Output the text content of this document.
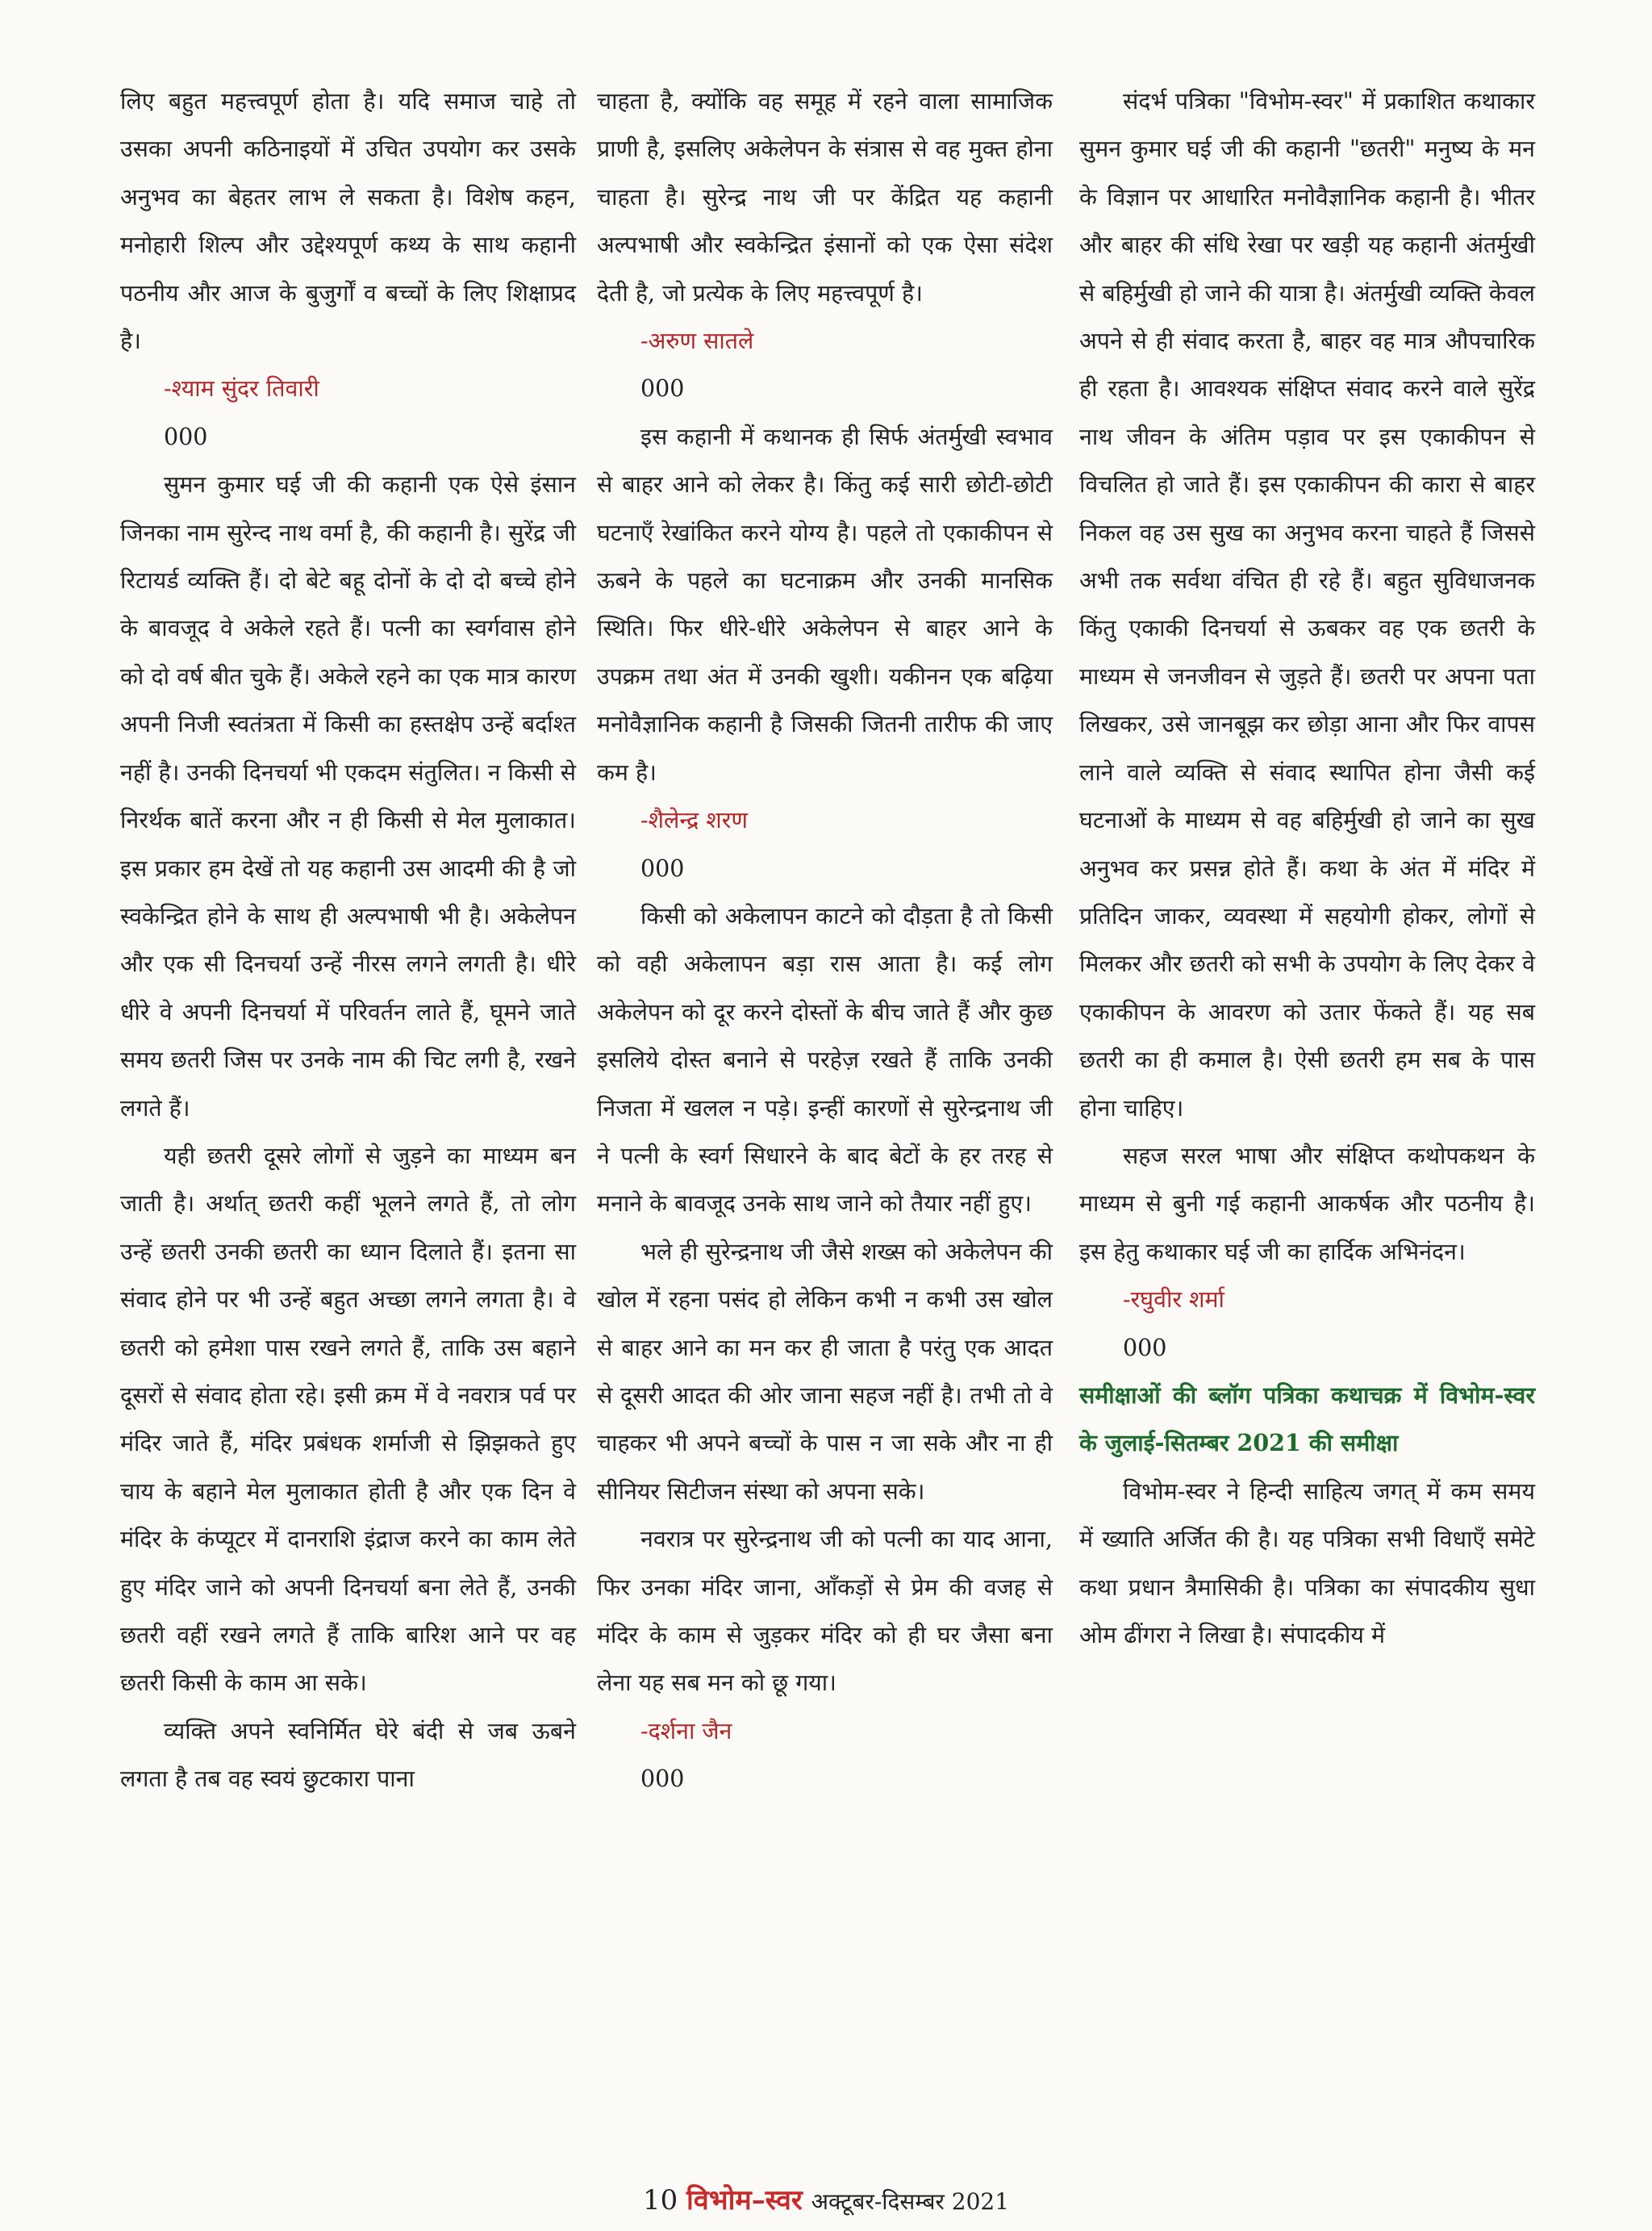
लिए बहुत महत्त्वपूर्ण होता है। यदि समाज चाहे तो उसका अपनी कठिनाइयों में उचित उपयोग कर उसके अनुभव का बेहतर लाभ ले सकता है। विशेष कहन, मनोहारी शिल्प और उद्देश्यपूर्ण कथ्य के साथ कहानी पठनीय और आज के बुजुर्गों व बच्चों के लिए शिक्षाप्रद है।

-श्याम सुंदर तिवारी

000

सुमन कुमार घई जी की कहानी एक ऐसे इंसान जिनका नाम सुरेन्द नाथ वर्मा है, की कहानी है। सुरेंद्र जी रिटायर्ड व्यक्ति हैं। दो बेटे बहू दोनों के दो दो बच्चे होने के बावजूद वे अकेले रहते हैं। पत्नी का स्वर्गवास होने को दो वर्ष बीत चुके हैं। अकेले रहने का एक मात्र कारण अपनी निजी स्वतंत्रता में किसी का हस्तक्षेप उन्हें बर्दाश्त नहीं है। उनकी दिनचर्या भी एकदम संतुलित। न किसी से निरर्थक बातें करना और न ही किसी से मेल मुलाकात। इस प्रकार हम देखें तो यह कहानी उस आदमी की है जो स्वकेन्द्रित होने के साथ ही अल्पभाषी भी है। अकेलेपन और एक सी दिनचर्या उन्हें नीरस लगने लगती है। धीरे धीरे वे अपनी दिनचर्या में परिवर्तन लाते हैं, घूमने जाते समय छतरी जिस पर उनके नाम की चिट लगी है, रखने लगते हैं।

यही छतरी दूसरे लोगों से जुड़ने का माध्यम बन जाती है। अर्थात् छतरी कहीं भूलने लगते हैं, तो लोग उन्हें छतरी उनकी छतरी का ध्यान दिलाते हैं। इतना सा संवाद होने पर भी उन्हें बहुत अच्छा लगने लगता है। वे छतरी को हमेशा पास रखने लगते हैं, ताकि उस बहाने दूसरों से संवाद होता रहे। इसी क्रम में वे नवरात्र पर्व पर मंदिर जाते हैं, मंदिर प्रबंधक शर्माजी से झिझकते हुए चाय के बहाने मेल मुलाकात होती है और एक दिन वे मंदिर के कंप्यूटर में दानराशि इंद्राज करने का काम लेते हुए मंदिर जाने को अपनी दिनचर्या बना लेते हैं, उनकी छतरी वहीं रखने लगते हैं ताकि बारिश आने पर वह छतरी किसी के काम आ सके।

व्यक्ति अपने स्वनिर्मित घेरे बंदी से जब ऊबने लगता है तब वह स्वयं छुटकारा पाना

चाहता है, क्योंकि वह समूह में रहने वाला सामाजिक प्राणी है, इसलिए अकेलेपन के संत्रास से वह मुक्त होना चाहता है। सुरेन्द्र नाथ जी पर केंद्रित यह कहानी अल्पभाषी और स्वकेन्द्रित इंसानों को एक ऐसा संदेश देती है, जो प्रत्येक के लिए महत्त्वपूर्ण है।

-अरुण सातले

000

इस कहानी में कथानक ही सिर्फ अंतर्मुखी स्वभाव से बाहर आने को लेकर है। किंतु कई सारी छोटी-छोटी घटनाएँ रेखांकित करने योग्य है। पहले तो एकाकीपन से ऊबने के पहले का घटनाक्रम और उनकी मानसिक स्थिति। फिर धीरे-धीरे अकेलेपन से बाहर आने के उपक्रम तथा अंत में उनकी खुशी। यकीनन एक बढ़िया मनोवैज्ञानिक कहानी है जिसकी जितनी तारीफ की जाए कम है।

-शैलेन्द्र शरण

000

किसी को अकेलापन काटने को दौड़ता है तो किसी को वही अकेलापन बड़ा रास आता है। कई लोग अकेलेपन को दूर करने दोस्तों के बीच जाते हैं और कुछ इसलिये दोस्त बनाने से परहेज़ रखते हैं ताकि उनकी निजता में खलल न पड़े। इन्हीं कारणों से सुरेन्द्रनाथ जी ने पत्नी के स्वर्ग सिधारने के बाद बेटों के हर तरह से मनाने के बावजूद उनके साथ जाने को तैयार नहीं हुए।

भले ही सुरेन्द्रनाथ जी जैसे शख्स को अकेलेपन की खोल में रहना पसंद हो लेकिन कभी न कभी उस खोल से बाहर आने का मन कर ही जाता है परंतु एक आदत से दूसरी आदत की ओर जाना सहज नहीं है। तभी तो वे चाहकर भी अपने बच्चों के पास न जा सके और ना ही सीनियर सिटीजन संस्था को अपना सके।

नवरात्र पर सुरेन्द्रनाथ जी को पत्नी का याद आना, फिर उनका मंदिर जाना, आँकड़ों से प्रेम की वजह से मंदिर के काम से जुड़कर मंदिर को ही घर जैसा बना लेना यह सब मन को छू गया।

-दर्शना जैन

000

संदर्भ पत्रिका "विभोम-स्वर" में प्रकाशित कथाकार सुमन कुमार घई जी की कहानी "छतरी" मनुष्य के मन के विज्ञान पर आधारित मनोवैज्ञानिक कहानी है। भीतर और बाहर की संधि रेखा पर खड़ी यह कहानी अंतर्मुखी से बहिर्मुखी हो जाने की यात्रा है। अंतर्मुखी व्यक्ति केवल अपने से ही संवाद करता है, बाहर वह मात्र औपचारिक ही रहता है। आवश्यक संक्षिप्त संवाद करने वाले सुरेंद्र नाथ जीवन के अंतिम पड़ाव पर इस एकाकीपन से विचलित हो जाते हैं। इस एकाकीपन की कारा से बाहर निकल वह उस सुख का अनुभव करना चाहते हैं जिससे अभी तक सर्वथा वंचित ही रहे हैं। बहुत सुविधाजनक किंतु एकाकी दिनचर्या से ऊबकर वह एक छतरी के माध्यम से जनजीवन से जुड़ते हैं। छतरी पर अपना पता लिखकर, उसे जानबूझ कर छोड़ा आना और फिर वापस लाने वाले व्यक्ति से संवाद स्थापित होना जैसी कई घटनाओं के माध्यम से वह बहिर्मुखी हो जाने का सुख अनुभव कर प्रसन्न होते हैं। कथा के अंत में मंदिर में प्रतिदिन जाकर, व्यवस्था में सहयोगी होकर, लोगों से मिलकर और छतरी को सभी के उपयोग के लिए देकर वे एकाकीपन के आवरण को उतार फेंकते हैं। यह सब छतरी का ही कमाल है। ऐसी छतरी हम सब के पास होना चाहिए।

सहज सरल भाषा और संक्षिप्त कथोपकथन के माध्यम से बुनी गई कहानी आकर्षक और पठनीय है। इस हेतु कथाकार घई जी का हार्दिक अभिनंदन।

-रघुवीर शर्मा

000

समीक्षाओं की ब्लॉग पत्रिका कथाचक्र में विभोम-स्वर के जुलाई-सितम्बर 2021 की समीक्षा

विभोम-स्वर ने हिन्दी साहित्य जगत् में कम समय में ख्याति अर्जित की है। यह पत्रिका सभी विधाएँ समेटे कथा प्रधान त्रैमासिकी है। पत्रिका का संपादकीय सुधा ओम ढींगरा ने लिखा है। संपादकीय में

10 विभोम–स्वर अक्टूबर-दिसम्बर 2021
